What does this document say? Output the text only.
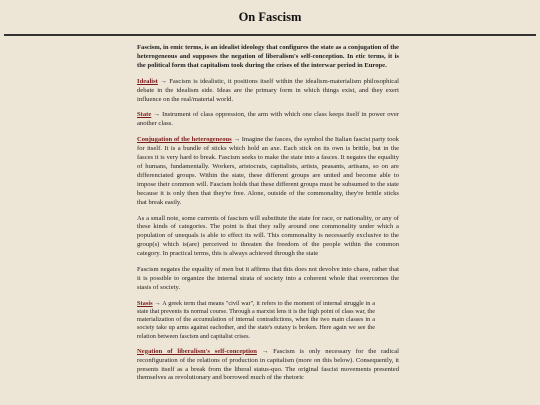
On Fascism

Fascism, in emic terms, is an idealist ideology that configures the state as a conjugation of the heterogeneous and supposes the negation of liberalism's self-conception. In etic terms, it is the political form that capitalism took during the crises of the interwar period in Europe.

Idealist → Fascism is idealistic, it positions itself within the idealism-materialism philosophical debate in the idealism side. Ideas are the primary form in which things exist, and they exert influence on the real/material world.

State → Instrument of class oppression, the arm with which one class keeps itself in power over another class.

Conjugation of the heterogeneous → Imagine the fasces, the symbol the Italian fascist party took for itself. It is a bundle of sticks which hold an axe. Each stick on its own is brittle, but in the fasces it is very hard to break. Fascism seeks to make the state into a fasces. It negates the equality of humans, fundamentally. Workers, aristocrats, capitalists, artists, peasants, artisans, so on are differenciated groups. Within the state, these different groups are united and become able to impose their common will. Fascism holds that these different groups must be subsumed to the state because it is only then that they're free. Alone, outside of the commonality, they're brittle sticks that break easily.

As a small note, some currents of fascism will substitute the state for race, or nationality, or any of these kinds of categories. The point is that they rally around one commonality under which a population of unequals is able to effect its will. This commonality is necessarily exclusive to the group(s) which is(are) perceived to threaten the freedom of the people within the common category. In practical terms, this is always achieved through the state

Fascism negates the equality of men but it affirms that this does not devolve into chaos, rather that it is possible to organize the internal strata of society into a coherent whole that overcomes the stasis of society.

Stasis → A greek term that means "civil war", it refers to the moment of internal struggle in a state that prevents its normal course. Through a marxist lens it is the high point of class war, the materialization of the accumulation of internal contradictions, when the two main classes in a society take up arms against eachother, and the state's eutaxy is broken. Here again we see the relation between fascism and capitalist crises.

Negation of liberalism's self-conception → Fascism is only necessary for the radical reconfiguration of the relations of production in capitalism (more on this below). Consequently, it presents itself as a break from the liberal status-quo. The original fascist movements presented themselves as revolutionary and borrowed much of the rhetoric
